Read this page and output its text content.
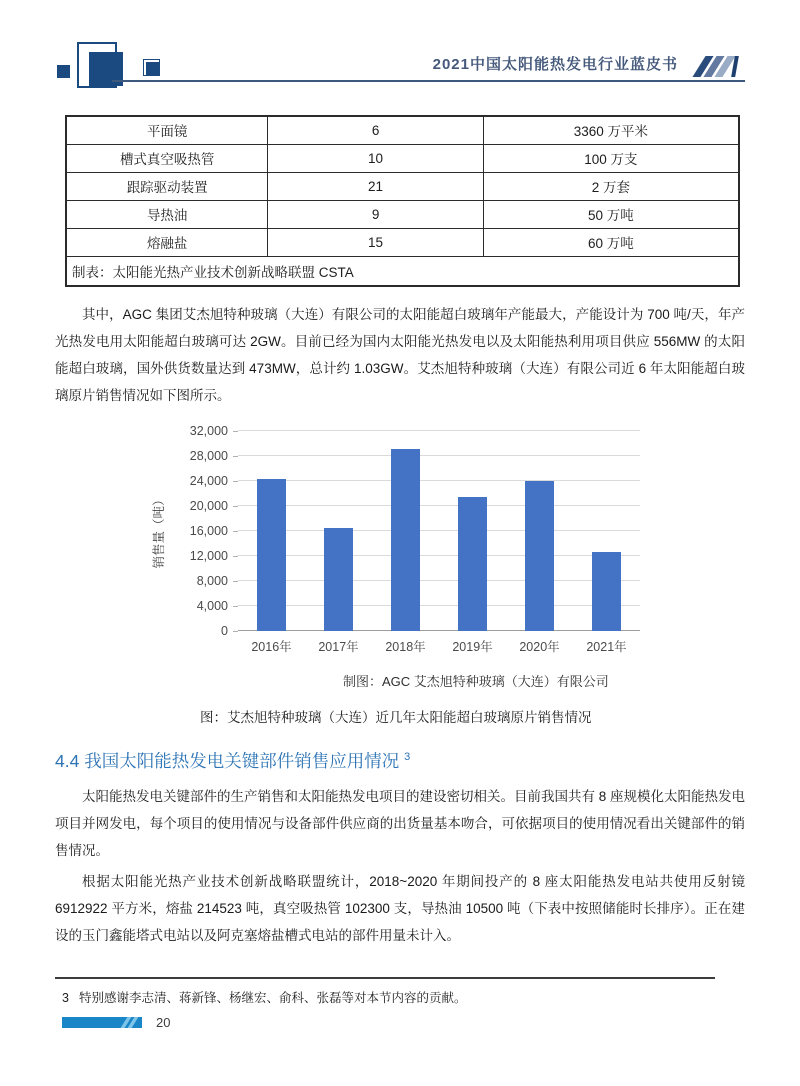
2021中国太阳能热发电行业蓝皮书
平面镜	6	3360 万平米
槽式真空吸热管	10	100 万支
跟踪驱动装置	21	2 万套
导热油	9	50 万吨
熔融盐	15	60 万吨
制表：太阳能光热产业技术创新战略联盟 CSTA		

其中，AGC 集团艾杰旭特种玻璃（大连）有限公司的太阳能超白玻璃年产能最大，产能设计为 700 吨/天，年产光热发电用太阳能超白玻璃可达 2GW。目前已经为国内太阳能光热发电以及太阳能热利用项目供应 556MW 的太阳能超白玻璃，国外供货数量达到 473MW，总计约 1.03GW。艾杰旭特种玻璃（大连）有限公司近 6 年太阳能超白玻璃原片销售情况如下图所示。

销售量（吨）
0
4,000
8,000
12,000
16,000
20,000
24,000
28,000
32,000
2016年	2017年	2018年	2019年	2020年	2021年
制图：AGC 艾杰旭特种玻璃（大连）有限公司
图：艾杰旭特种玻璃（大连）近几年太阳能超白玻璃原片销售情况
4.4 我国太阳能热发电关键部件销售应用情况 $^3$

太阳能热发电关键部件的生产销售和太阳能热发电项目的建设密切相关。目前我国共有 8 座规模化太阳能热发电项目并网发电，每个项目的使用情况与设备部件供应商的出货量基本吻合，可依据项目的使用情况看出关键部件的销售情况。

根据太阳能光热产业技术创新战略联盟统计，2018~2020 年期间投产的 8 座太阳能热发电站共使用反射镜 6912922 平方米，熔盐 214523 吨，真空吸热管 102300 支，导热油 10500 吨（下表中按照储能时长排序）。正在建设的玉门鑫能塔式电站以及阿克塞熔盐槽式电站的部件用量未计入。

3 特别感谢李志清、蒋新锋、杨继宏、俞科、张磊等对本节内容的贡献。
20
